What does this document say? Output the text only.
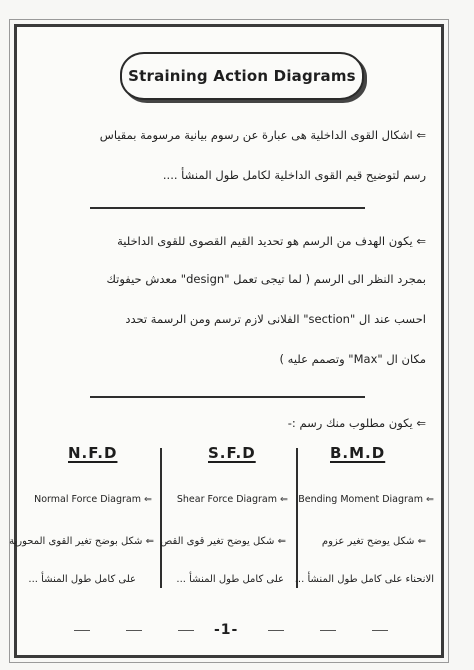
Straining Action Diagrams
⇐ اشكال القوى الداخلية هى عبارة عن رسوم بيانية مرسومة بمقياس
رسم لتوضيح قيم القوى الداخلية لكامل طول المنشأ ....
⇐ يكون الهدف من الرسم هو تحديد القيم القصوى للقوى الداخلية
بمجرد النظر الى الرسم ( لما تيجى تعمل "design" معدش حيفوتك
احسب عند ال "section" الفلانى لازم ترسم ومن الرسمة تحدد
مكان ال "Max" وتصمم عليه )
⇐ يكون مطلوب منك رسم :-
N.F.D	S.F.D	B.M.D
⇐ Normal Force Diagram
⇐ شكل بوضح تغير القوى المحورية
على كامل طول المنشأ ...
⇐ Shear Force Diagram
⇐ شكل يوضح تغير قوى القص
على كامل طول المنشأ ...
⇐ Bending Moment Diagram
⇐ شكل يوضح تغير عزوم
الانحناء على كامل طول المنشأ ...
-1-
